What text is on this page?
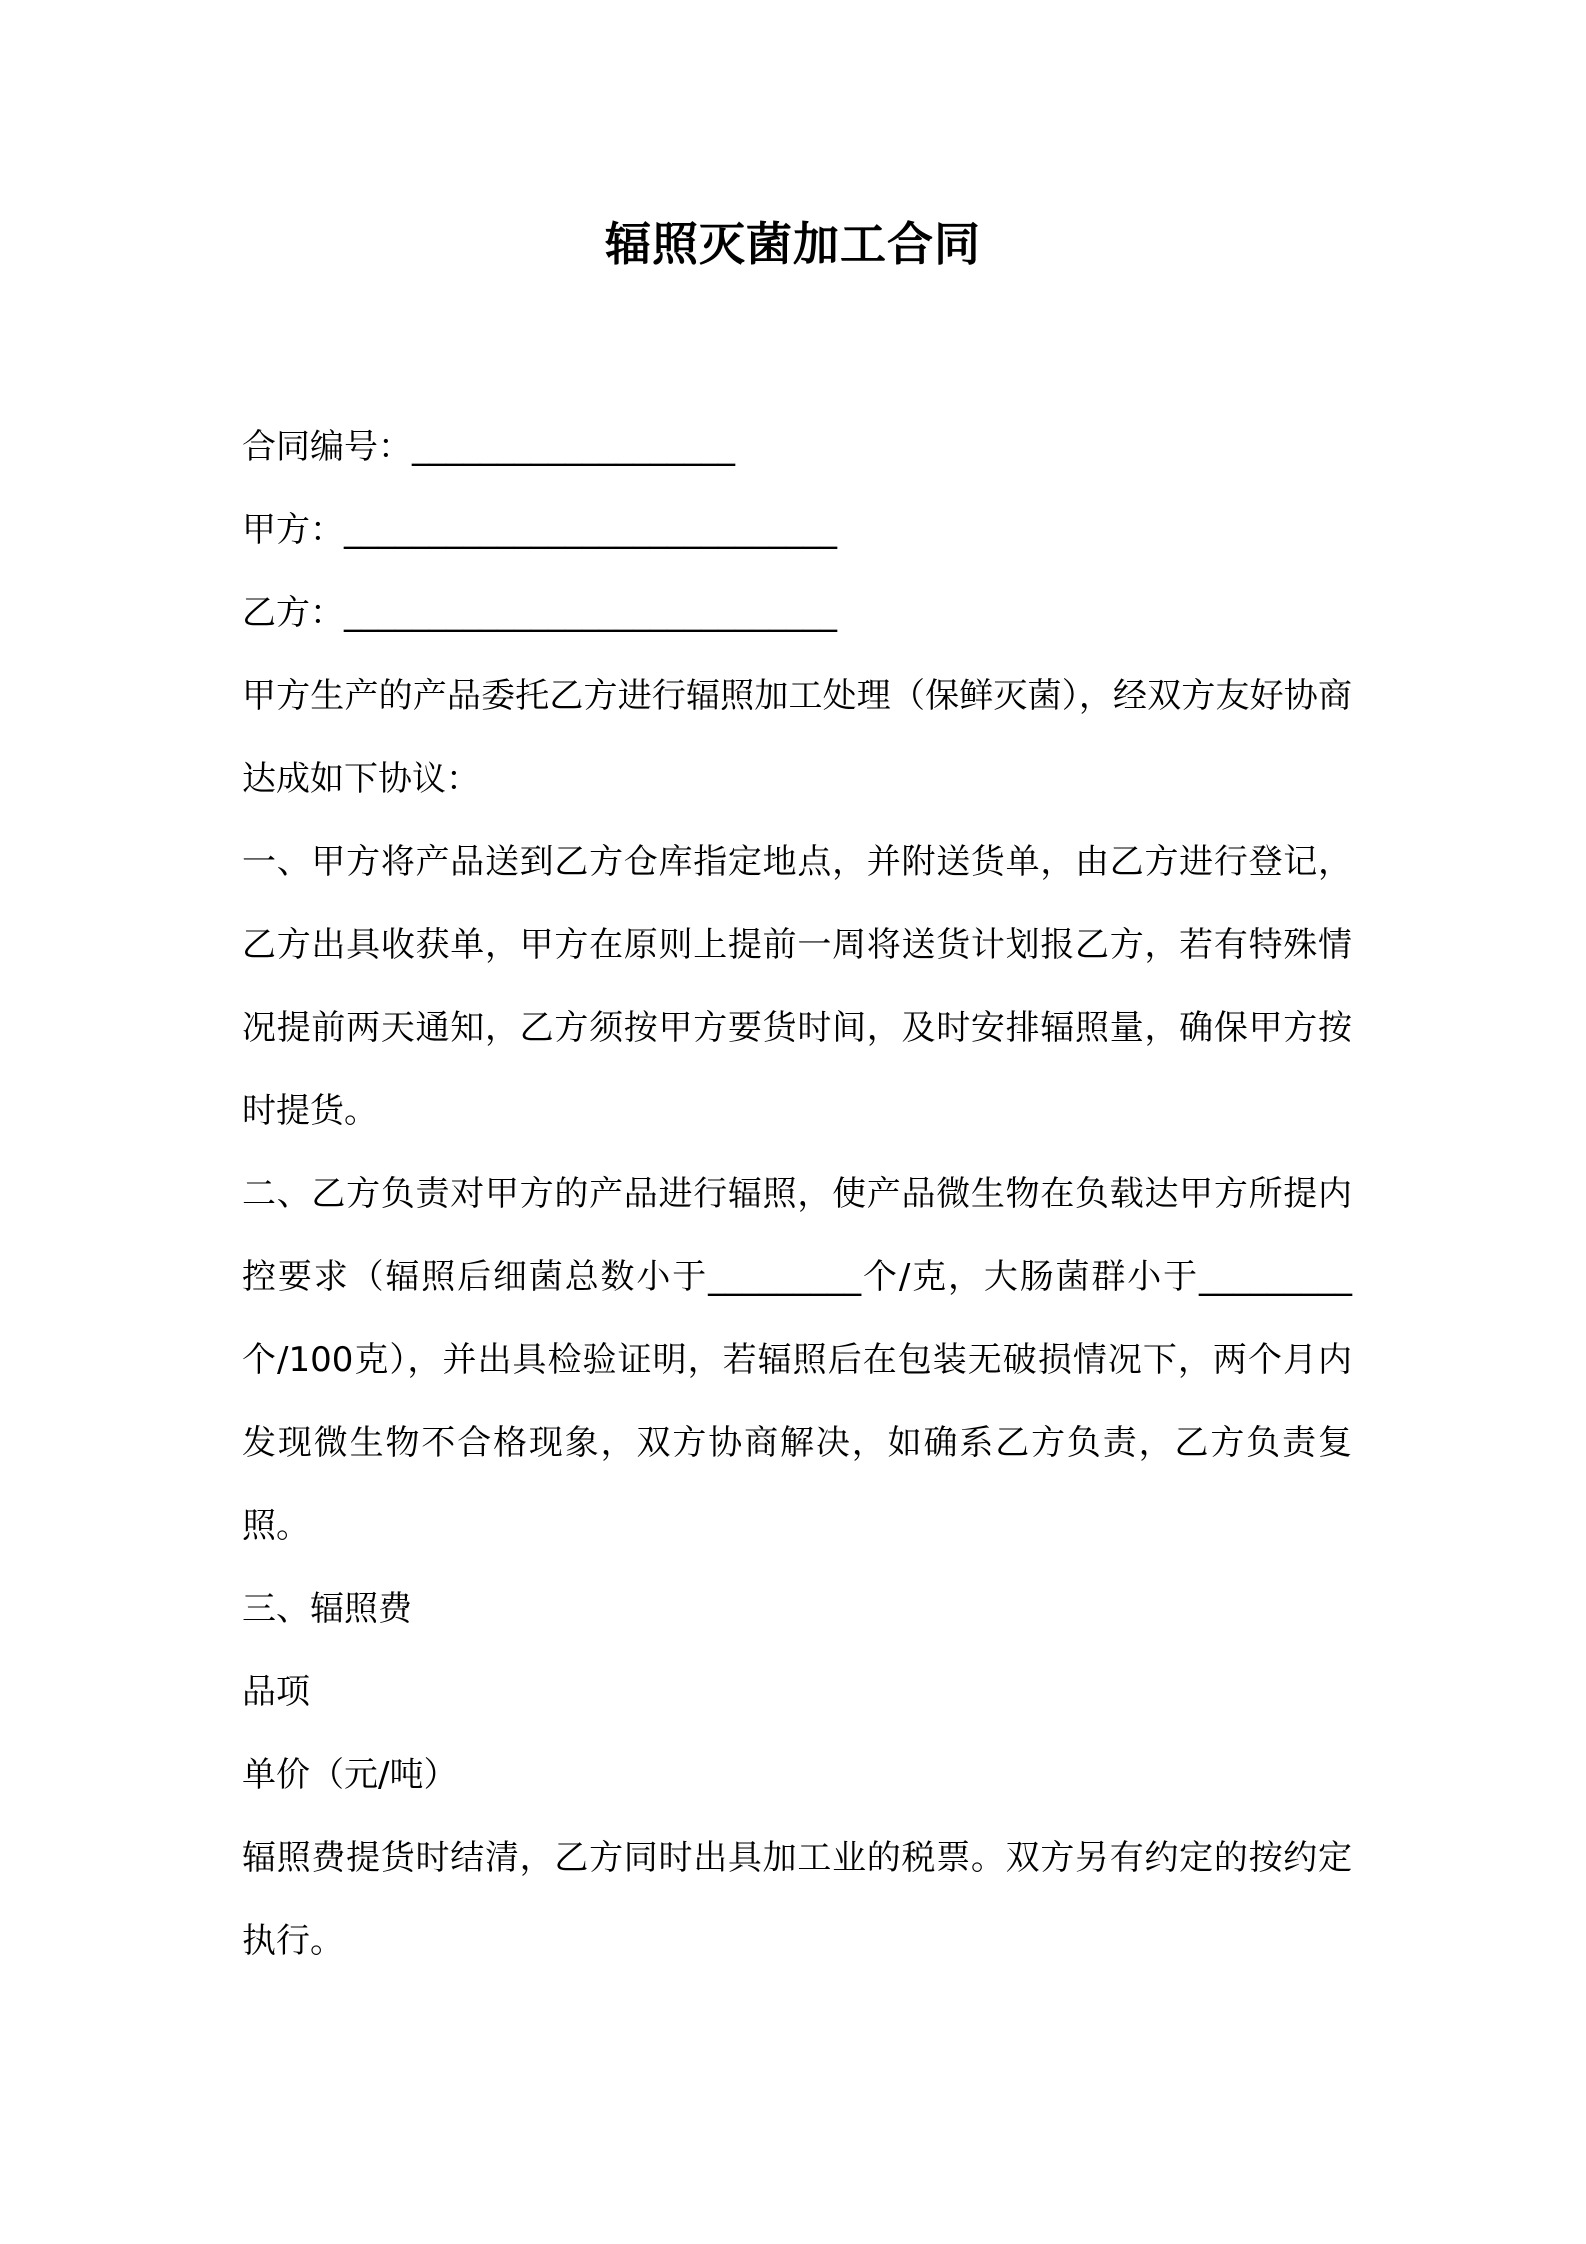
辐照灭菌加工合同
合同编号：___________________
甲方：_____________________________
乙方：_____________________________
甲方生产的产品委托乙方进行辐照加工处理（保鲜灭菌），经双方友好协商达成如下协议：
一、甲方将产品送到乙方仓库指定地点，并附送货单，由乙方进行登记，乙方出具收获单，甲方在原则上提前一周将送货计划报乙方，若有特殊情况提前两天通知，乙方须按甲方要货时间，及时安排辐照量，确保甲方按时提货。
二、乙方负责对甲方的产品进行辐照，使产品微生物在负载达甲方所提内控要求（辐照后细菌总数小于_________个/克，大肠菌群小于_________个/100克），并出具检验证明，若辐照后在包装无破损情况下，两个月内发现微生物不合格现象，双方协商解决，如确系乙方负责，乙方负责复照。
三、辐照费
品项
单价（元/吨）
辐照费提货时结清，乙方同时出具加工业的税票。双方另有约定的按约定执行。
